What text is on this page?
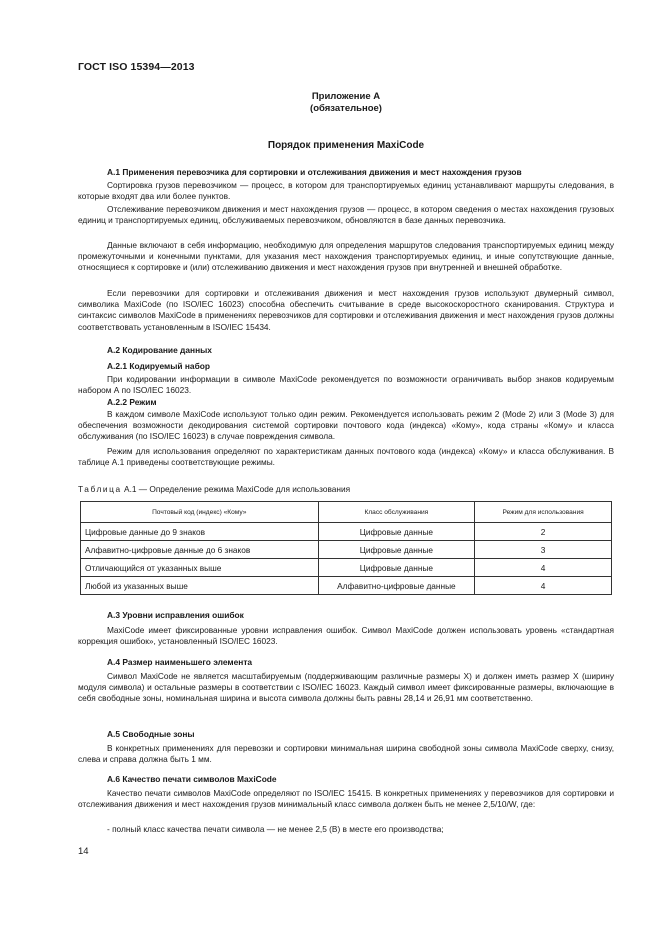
ГОСТ ISO 15394—2013
Приложение А
(обязательное)
Порядок применения MaxiCode
А.1 Применения перевозчика для сортировки и отслеживания движения и мест нахождения грузов
Сортировка грузов перевозчиком — процесс, в котором для транспортируемых единиц устанавливают маршруты следования, в которые входят два или более пунктов.
Отслеживание перевозчиком движения и мест нахождения грузов — процесс, в котором сведения о местах нахождения грузовых единиц и транспортируемых единиц, обслуживаемых перевозчиком, обновляются в базе данных перевозчика.
Данные включают в себя информацию, необходимую для определения маршрутов следования транспортируемых единиц между промежуточными и конечными пунктами, для указания мест нахождения транспортируемых единиц, и иные сопутствующие данные, относящиеся к сортировке и (или) отслеживанию движения и мест нахождения грузов при внутренней и внешней обработке.
Если перевозчики для сортировки и отслеживания движения и мест нахождения грузов используют двумерный символ, символика MaxiCode (по ISO/IEC 16023) способна обеспечить считывание в среде высокоскоростного сканирования. Структура и синтаксис символов MaxiCode в применениях перевозчиков для сортировки и отслеживания движения и мест нахождения грузов должны соответствовать установленным в ISO/IEC 15434.
А.2 Кодирование данных
А.2.1 Кодируемый набор
При кодировании информации в символе MaxiCode рекомендуется по возможности ограничивать выбор знаков кодируемым набором А по ISO/IEC 16023.
А.2.2 Режим
В каждом символе MaxiCode используют только один режим. Рекомендуется использовать режим 2 (Mode 2) или 3 (Mode 3) для обеспечения возможности декодирования системой сортировки почтового кода (индекса) «Кому», кода страны «Кому» и класса обслуживания (по ISO/IEC 16023) в случае повреждения символа.
Режим для использования определяют по характеристикам данных почтового кода (индекса) «Кому» и класса обслуживания. В таблице А.1 приведены соответствующие режимы.
Таблица А.1 — Определение режима MaxiCode для использования
Почтовый код (индекс) «Кому»	Класс обслуживания	Режим для использования
Цифровые данные до 9 знаков	Цифровые данные	2
Алфавитно-цифровые данные до 6 знаков	Цифровые данные	3
Отличающийся от указанных выше	Цифровые данные	4
Любой из указанных выше	Алфавитно-цифровые данные	4
А.3 Уровни исправления ошибок
MaxiCode имеет фиксированные уровни исправления ошибок. Символ MaxiCode должен использовать уровень «стандартная коррекция ошибок», установленный ISO/IEC 16023.
А.4 Размер наименьшего элемента
Символ MaxiCode не является масштабируемым (поддерживающим различные размеры X) и должен иметь размер X (ширину модуля символа) и остальные размеры в соответствии с ISO/IEC 16023. Каждый символ имеет фиксированные размеры, включающие в себя свободные зоны, номинальная ширина и высота символа должны быть равны 28,14 и 26,91 мм соответственно.
А.5 Свободные зоны
В конкретных применениях для перевозки и сортировки минимальная ширина свободной зоны символа MaxiCode сверху, снизу, слева и справа должна быть 1 мм.
А.6 Качество печати символов MaxiCode
Качество печати символов MaxiCode определяют по ISO/IEC 15415. В конкретных применениях у перевозчиков для сортировки и отслеживания движения и мест нахождения грузов минимальный класс символа должен быть не менее 2,5/10/W, где:
- полный класс качества печати символа — не менее 2,5 (В) в месте его производства;
14
